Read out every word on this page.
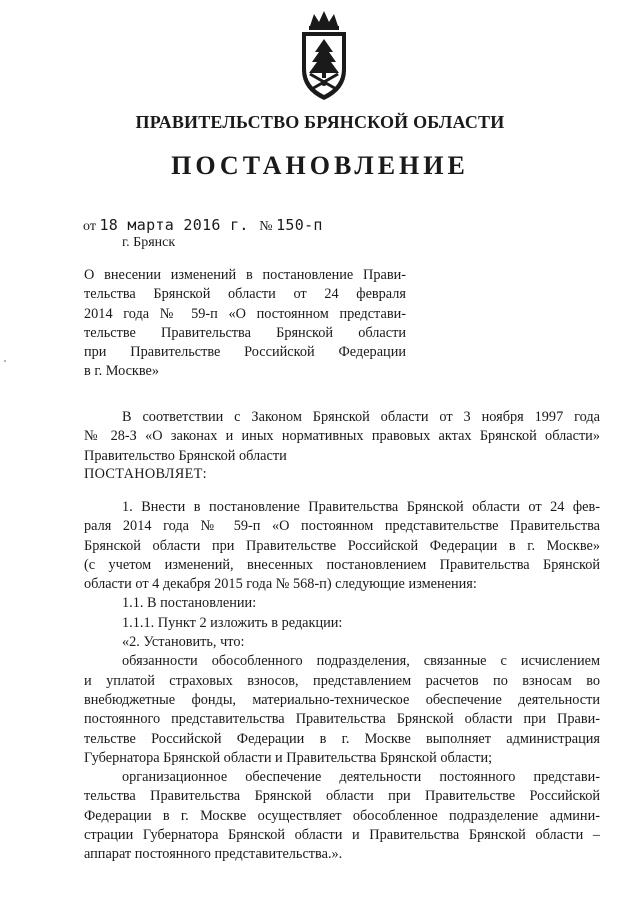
ПРАВИТЕЛЬСТВО БРЯНСКОЙ ОБЛАСТИ
ПОСТАНОВЛЕНИЕ
от 18 марта 2016 г. № 150-п
г. Брянск
О внесении изменений в постановление Прави-
тельства Брянской области от 24 февраля
2014 года № 59-п «О постоянном представи-
тельстве Правительства Брянской области
при Правительстве Российской Федерации
в г. Москве»
В соответствии с Законом Брянской области от 3 ноября 1997 года
№ 28-З «О законах и иных нормативных правовых актах Брянской области»
Правительство Брянской области
ПОСТАНОВЛЯЕТ:
1. Внести в постановление Правительства Брянской области от 24 фев-
раля 2014 года № 59-п «О постоянном представительстве Правительства
Брянской области при Правительстве Российской Федерации в г. Москве»
(с учетом изменений, внесенных постановлением Правительства Брянской
области от 4 декабря 2015 года № 568-п) следующие изменения:
1.1. В постановлении:
1.1.1. Пункт 2 изложить в редакции:
«2. Установить, что:
обязанности обособленного подразделения, связанные с исчислением
и уплатой страховых взносов, представлением расчетов по взносам во
внебюджетные фонды, материально-техническое обеспечение деятельности
постоянного представительства Правительства Брянской области при Прави-
тельстве Российской Федерации в г. Москве выполняет администрация
Губернатора Брянской области и Правительства Брянской области;
организационное обеспечение деятельности постоянного представи-
тельства Правительства Брянской области при Правительстве Российской
Федерации в г. Москве осуществляет обособленное подразделение админи-
страции Губернатора Брянской области и Правительства Брянской области –
аппарат постоянного представительства.».
